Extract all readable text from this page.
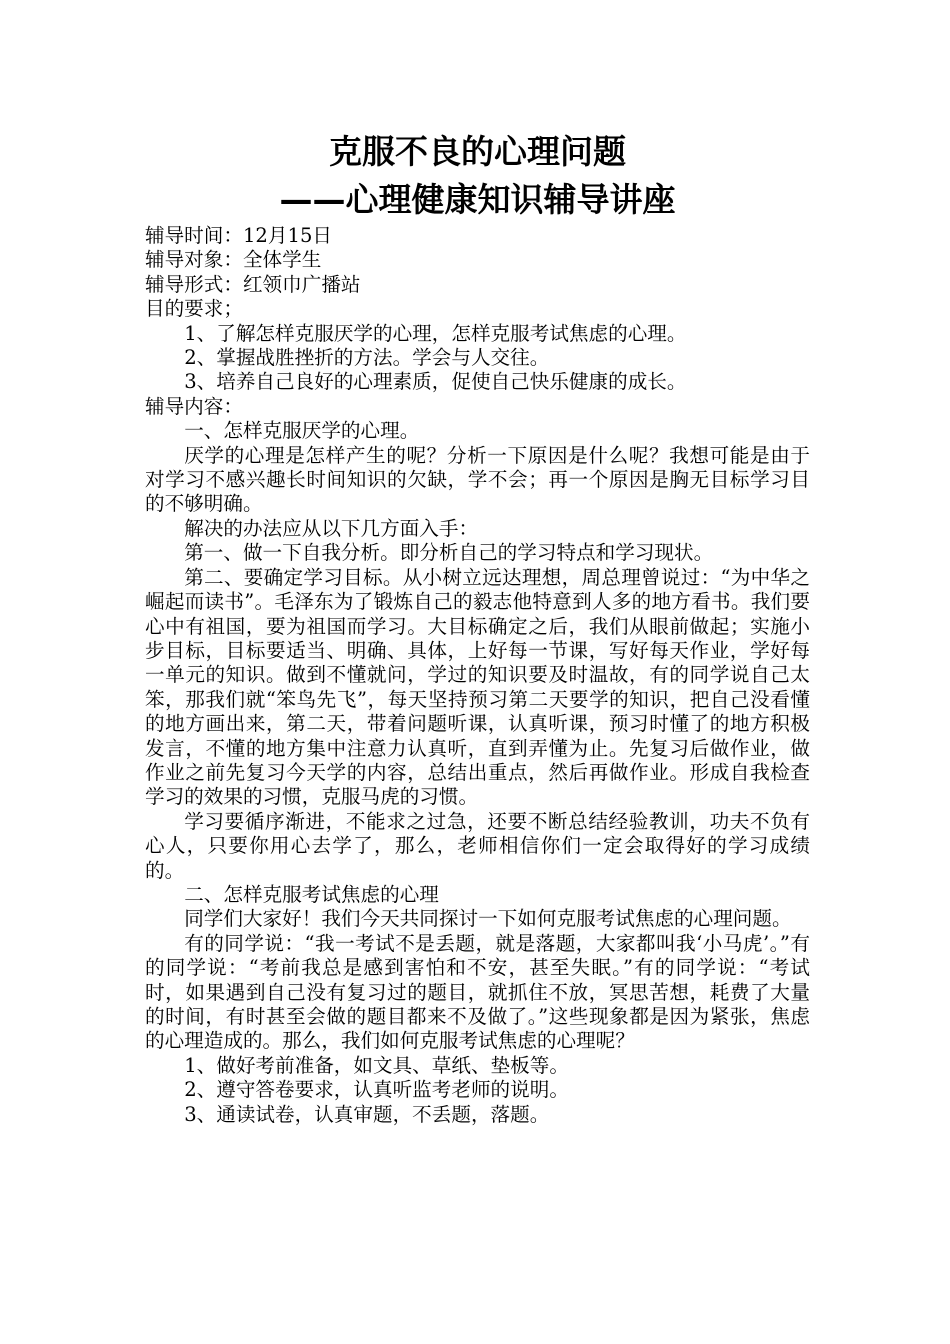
克服不良的心理问题
——心理健康知识辅导讲座

辅导时间：12月15日

辅导对象：全体学生

辅导形式：红领巾广播站

目的要求；

1、了解怎样克服厌学的心理，怎样克服考试焦虑的心理。

2、掌握战胜挫折的方法。学会与人交往。

3、培养自己良好的心理素质，促使自己快乐健康的成长。

辅导内容：

一、怎样克服厌学的心理。

厌学的心理是怎样产生的呢？分析一下原因是什么呢？我想可能是由于对学习不感兴趣长时间知识的欠缺，学不会；再一个原因是胸无目标学习目的不够明确。

解决的办法应从以下几方面入手：

第一、做一下自我分析。即分析自己的学习特点和学习现状。

第二、要确定学习目标。从小树立远达理想，周总理曾说过：“为中华之崛起而读书”。毛泽东为了锻炼自己的毅志他特意到人多的地方看书。我们要心中有祖国，要为祖国而学习。大目标确定之后，我们从眼前做起；实施小步目标，目标要适当、明确、具体，上好每一节课，写好每天作业，学好每一单元的知识。做到不懂就问，学过的知识要及时温故，有的同学说自己太笨，那我们就“笨鸟先飞”，每天坚持预习第二天要学的知识，把自己没看懂的地方画出来，第二天，带着问题听课，认真听课，预习时懂了的地方积极发言，不懂的地方集中注意力认真听，直到弄懂为止。先复习后做作业，做作业之前先复习今天学的内容，总结出重点，然后再做作业。形成自我检查学习的效果的习惯，克服马虎的习惯。

学习要循序渐进，不能求之过急，还要不断总结经验教训，功夫不负有心人，只要你用心去学了，那么，老师相信你们一定会取得好的学习成绩的。

二、怎样克服考试焦虑的心理

同学们大家好！我们今天共同探讨一下如何克服考试焦虑的心理问题。

有的同学说：“我一考试不是丢题，就是落题，大家都叫我‘小马虎’。”有的同学说：“考前我总是感到害怕和不安，甚至失眠。”有的同学说：“考试时，如果遇到自己没有复习过的题目，就抓住不放，冥思苦想，耗费了大量的时间，有时甚至会做的题目都来不及做了。”这些现象都是因为紧张，焦虑的心理造成的。那么，我们如何克服考试焦虑的心理呢？

1、做好考前准备，如文具、草纸、垫板等。

2、遵守答卷要求，认真听监考老师的说明。

3、通读试卷，认真审题，不丢题，落题。
